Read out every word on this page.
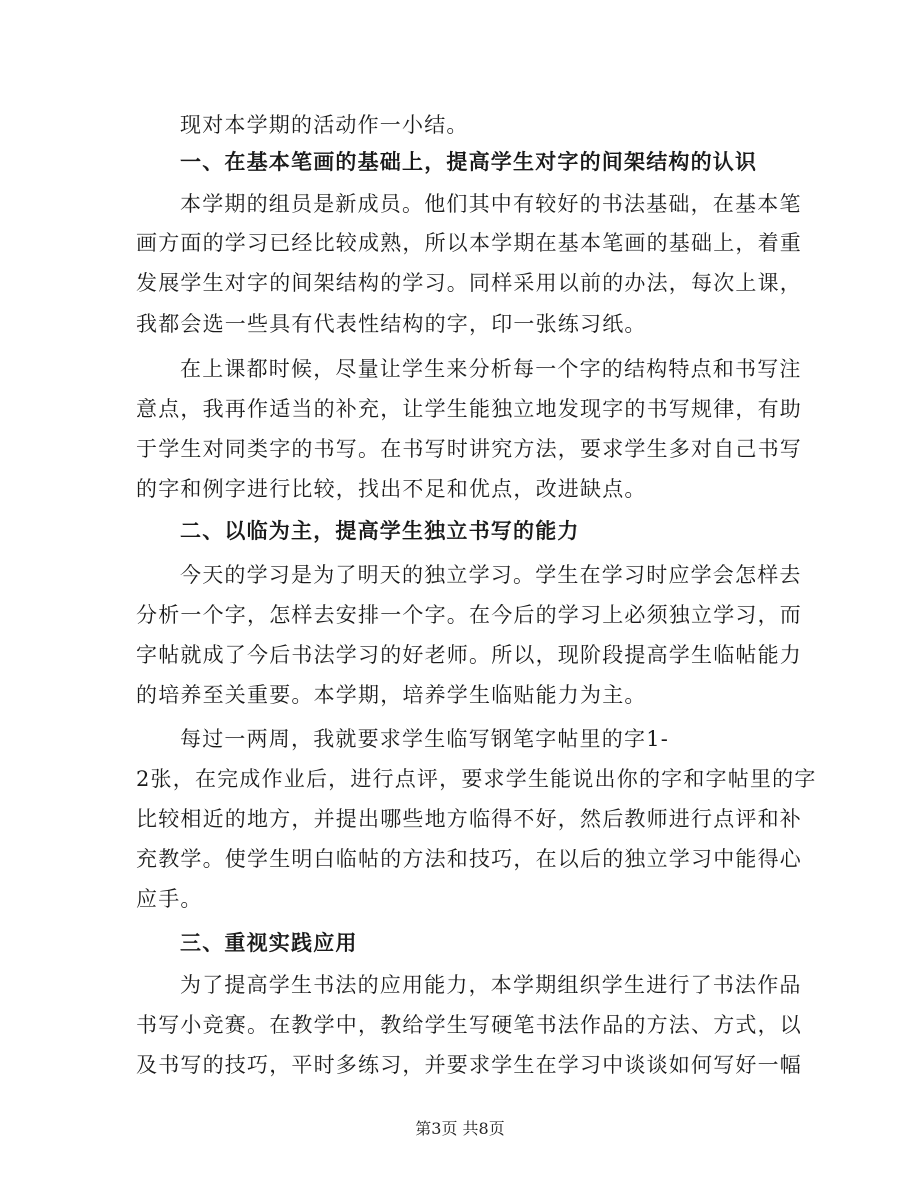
现对本学期的活动作一小结。
一、在基本笔画的基础上，提高学生对字的间架结构的认识
本学期的组员是新成员。他们其中有较好的书法基础，在基本笔
画方面的学习已经比较成熟，所以本学期在基本笔画的基础上，着重
发展学生对字的间架结构的学习。同样采用以前的办法，每次上课，
我都会选一些具有代表性结构的字，印一张练习纸。
在上课都时候，尽量让学生来分析每一个字的结构特点和书写注
意点，我再作适当的补充，让学生能独立地发现字的书写规律，有助
于学生对同类字的书写。在书写时讲究方法，要求学生多对自己书写
的字和例字进行比较，找出不足和优点，改进缺点。
二、以临为主，提高学生独立书写的能力
今天的学习是为了明天的独立学习。学生在学习时应学会怎样去
分析一个字，怎样去安排一个字。在今后的学习上必须独立学习，而
字帖就成了今后书法学习的好老师。所以，现阶段提高学生临帖能力
的培养至关重要。本学期，培养学生临贴能力为主。
每过一两周，我就要求学生临写钢笔字帖里的字1-
2张，在完成作业后，进行点评，要求学生能说出你的字和字帖里的字
比较相近的地方，并提出哪些地方临得不好，然后教师进行点评和补
充教学。使学生明白临帖的方法和技巧，在以后的独立学习中能得心
应手。
三、重视实践应用
为了提高学生书法的应用能力，本学期组织学生进行了书法作品
书写小竞赛。在教学中，教给学生写硬笔书法作品的方法、方式，以
及书写的技巧，平时多练习，并要求学生在学习中谈谈如何写好一幅
第3页 共8页
